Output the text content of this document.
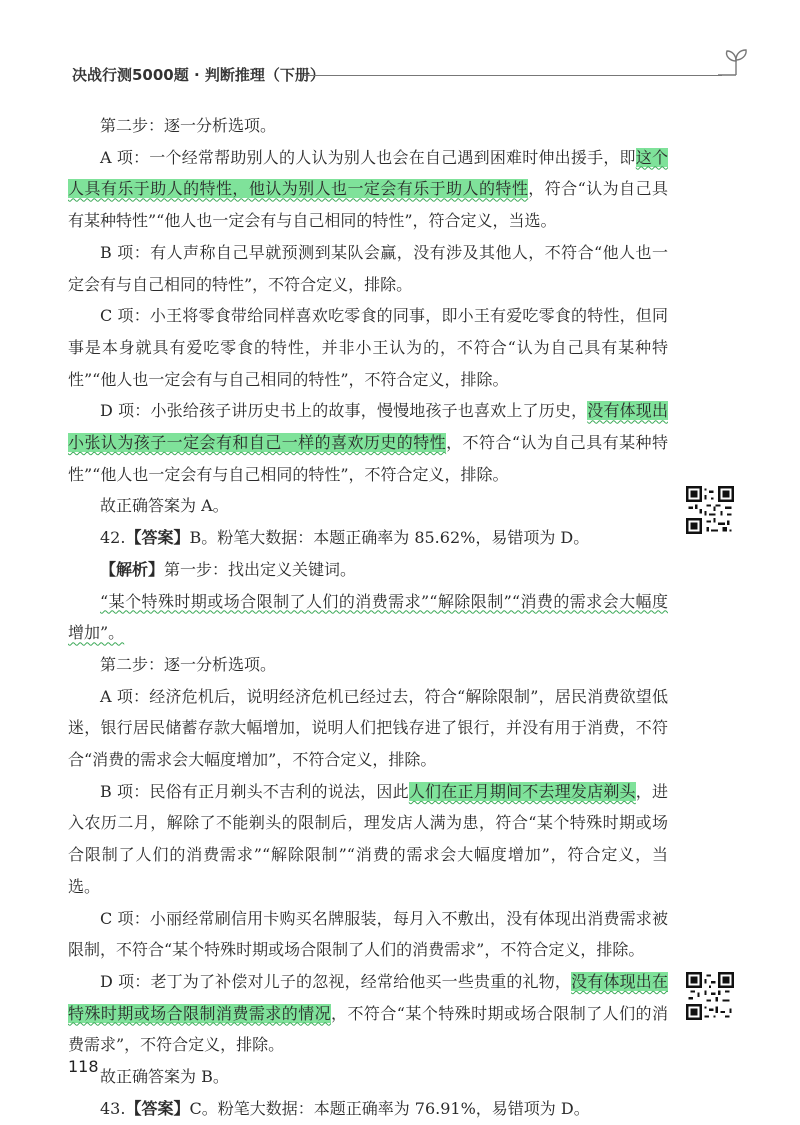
决战行测5000题 · 判断推理（下册）

第二步：逐一分析选项。

A 项：一个经常帮助别人的人认为别人也会在自己遇到困难时伸出援手，即这个人具有乐于助人的特性，他认为别人也一定会有乐于助人的特性，符合“认为自己具有某种特性”“他人也一定会有与自己相同的特性”，符合定义，当选。

B 项：有人声称自己早就预测到某队会赢，没有涉及其他人，不符合“他人也一定会有与自己相同的特性”，不符合定义，排除。

C 项：小王将零食带给同样喜欢吃零食的同事，即小王有爱吃零食的特性，但同事是本身就具有爱吃零食的特性，并非小王认为的，不符合“认为自己具有某种特性”“他人也一定会有与自己相同的特性”，不符合定义，排除。

D 项：小张给孩子讲历史书上的故事，慢慢地孩子也喜欢上了历史，没有体现出小张认为孩子一定会有和自己一样的喜欢历史的特性，不符合“认为自己具有某种特性”“他人也一定会有与自己相同的特性”，不符合定义，排除。

故正确答案为 A。

42.【答案】B。粉笔大数据：本题正确率为 85.62%，易错项为 D。

【解析】第一步：找出定义关键词。

“某个特殊时期或场合限制了人们的消费需求”“解除限制”“消费的需求会大幅度增加”。

第二步：逐一分析选项。

A 项：经济危机后，说明经济危机已经过去，符合“解除限制”，居民消费欲望低迷，银行居民储蓄存款大幅增加，说明人们把钱存进了银行，并没有用于消费，不符合“消费的需求会大幅度增加”，不符合定义，排除。

B 项：民俗有正月剃头不吉利的说法，因此人们在正月期间不去理发店剃头，进入农历二月，解除了不能剃头的限制后，理发店人满为患，符合“某个特殊时期或场合限制了人们的消费需求”“解除限制”“消费的需求会大幅度增加”，符合定义，当选。

C 项：小丽经常刷信用卡购买名牌服装，每月入不敷出，没有体现出消费需求被限制，不符合“某个特殊时期或场合限制了人们的消费需求”，不符合定义，排除。

D 项：老丁为了补偿对儿子的忽视，经常给他买一些贵重的礼物，没有体现出在特殊时期或场合限制消费需求的情况，不符合“某个特殊时期或场合限制了人们的消费需求”，不符合定义，排除。

故正确答案为 B。

43.【答案】C。粉笔大数据：本题正确率为 76.91%，易错项为 D。

118
